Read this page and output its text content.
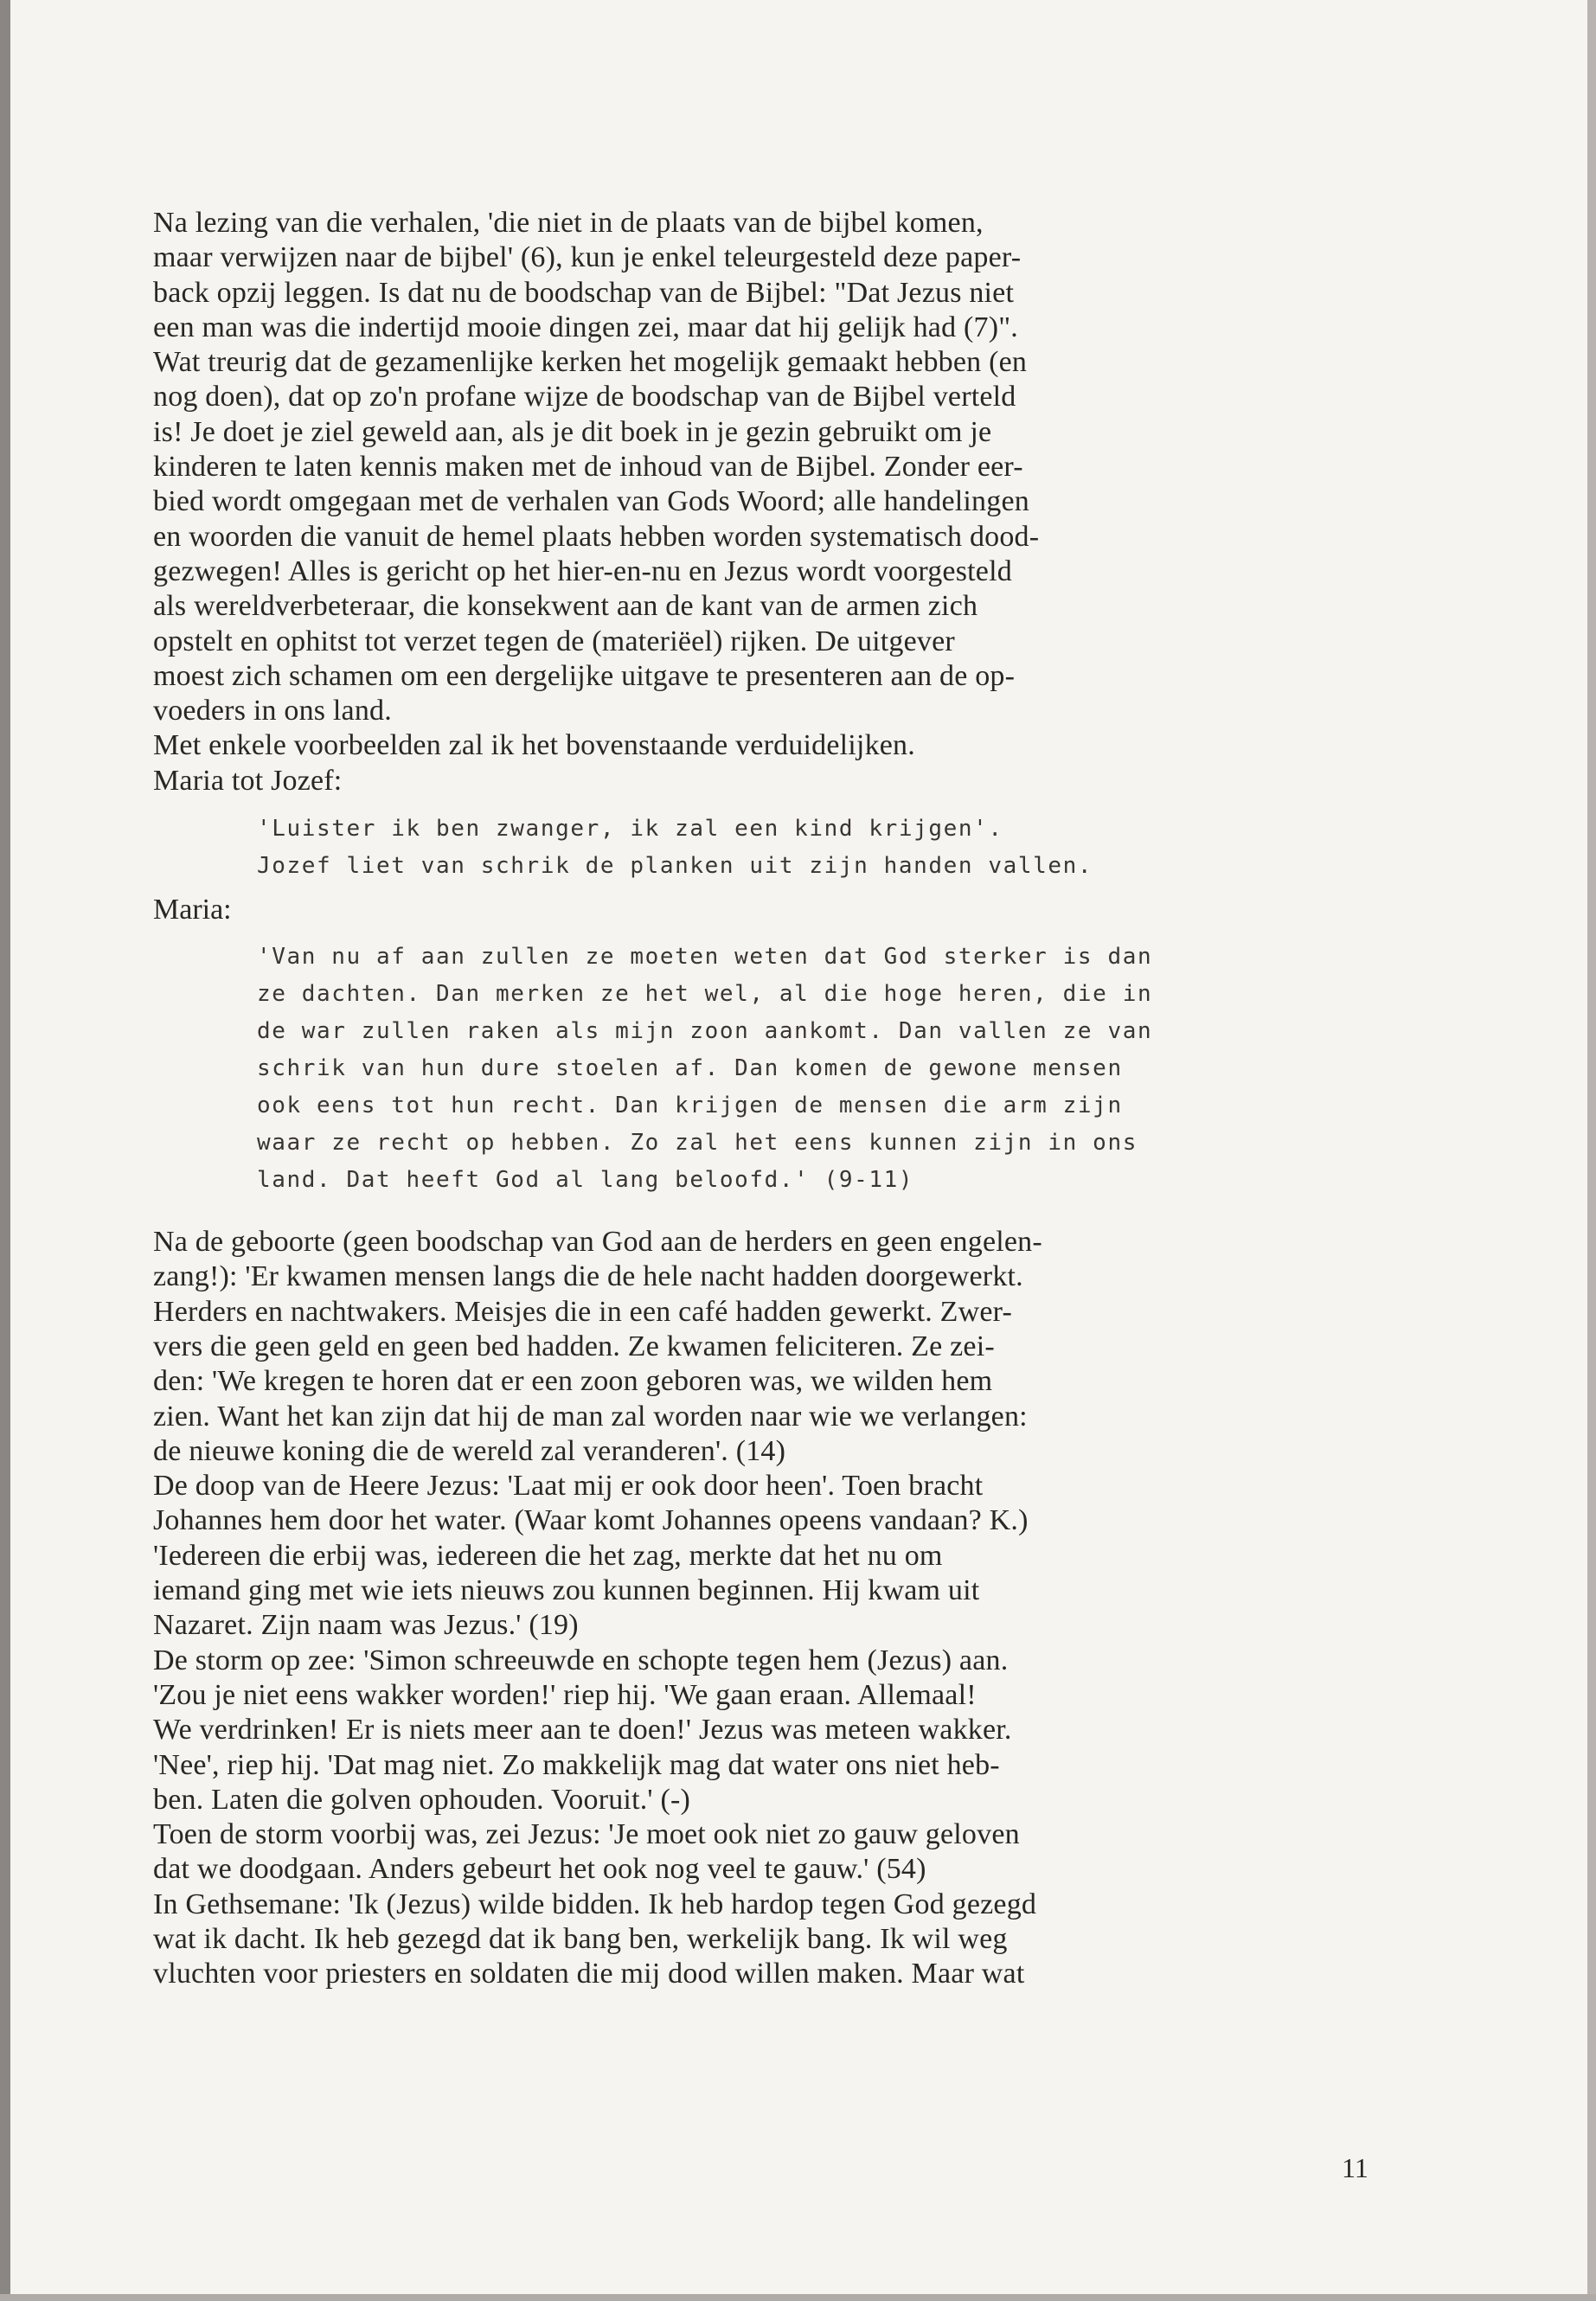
Na lezing van die verhalen, 'die niet in de plaats van de bijbel komen,
maar verwijzen naar de bijbel' (6), kun je enkel teleurgesteld deze paper-
back opzij leggen. Is dat nu de boodschap van de Bijbel: "Dat Jezus niet
een man was die indertijd mooie dingen zei, maar dat hij gelijk had (7)".
Wat treurig dat de gezamenlijke kerken het mogelijk gemaakt hebben (en
nog doen), dat op zo'n profane wijze de boodschap van de Bijbel verteld
is! Je doet je ziel geweld aan, als je dit boek in je gezin gebruikt om je
kinderen te laten kennis maken met de inhoud van de Bijbel. Zonder eer-
bied wordt omgegaan met de verhalen van Gods Woord; alle handelingen
en woorden die vanuit de hemel plaats hebben worden systematisch dood-
gezwegen! Alles is gericht op het hier-en-nu en Jezus wordt voorgesteld
als wereldverbeteraar, die konsekwent aan de kant van de armen zich
opstelt en ophitst tot verzet tegen de (materiëel) rijken. De uitgever
moest zich schamen om een dergelijke uitgave te presenteren aan de op-
voeders in ons land.
Met enkele voorbeelden zal ik het bovenstaande verduidelijken.
Maria tot Jozef:
'Luister ik ben zwanger, ik zal een kind krijgen'.
Jozef liet van schrik de planken uit zijn handen vallen.
Maria:
'Van nu af aan zullen ze moeten weten dat God sterker is dan
ze dachten. Dan merken ze het wel, al die hoge heren, die in
de war zullen raken als mijn zoon aankomt. Dan vallen ze van
schrik van hun dure stoelen af. Dan komen de gewone mensen
ook eens tot hun recht. Dan krijgen de mensen die arm zijn
waar ze recht op hebben. Zo zal het eens kunnen zijn in ons
land. Dat heeft God al lang beloofd.' (9-11)
Na de geboorte (geen boodschap van God aan de herders en geen engelen-
zang!): 'Er kwamen mensen langs die de hele nacht hadden doorgewerkt.
Herders en nachtwakers. Meisjes die in een café hadden gewerkt. Zwer-
vers die geen geld en geen bed hadden. Ze kwamen feliciteren. Ze zei-
den: 'We kregen te horen dat er een zoon geboren was, we wilden hem
zien. Want het kan zijn dat hij de man zal worden naar wie we verlangen:
de nieuwe koning die de wereld zal veranderen'. (14)
De doop van de Heere Jezus: 'Laat mij er ook door heen'. Toen bracht
Johannes hem door het water. (Waar komt Johannes opeens vandaan? K.)
'Iedereen die erbij was, iedereen die het zag, merkte dat het nu om
iemand ging met wie iets nieuws zou kunnen beginnen. Hij kwam uit
Nazaret. Zijn naam was Jezus.' (19)
De storm op zee: 'Simon schreeuwde en schopte tegen hem (Jezus) aan.
'Zou je niet eens wakker worden!' riep hij. 'We gaan eraan. Allemaal!
We verdrinken! Er is niets meer aan te doen!' Jezus was meteen wakker.
'Nee', riep hij. 'Dat mag niet. Zo makkelijk mag dat water ons niet heb-
ben. Laten die golven ophouden. Vooruit.' (-)
Toen de storm voorbij was, zei Jezus: 'Je moet ook niet zo gauw geloven
dat we doodgaan. Anders gebeurt het ook nog veel te gauw.' (54)
In Gethsemane: 'Ik (Jezus) wilde bidden. Ik heb hardop tegen God gezegd
wat ik dacht. Ik heb gezegd dat ik bang ben, werkelijk bang. Ik wil weg
vluchten voor priesters en soldaten die mij dood willen maken. Maar wat
11
